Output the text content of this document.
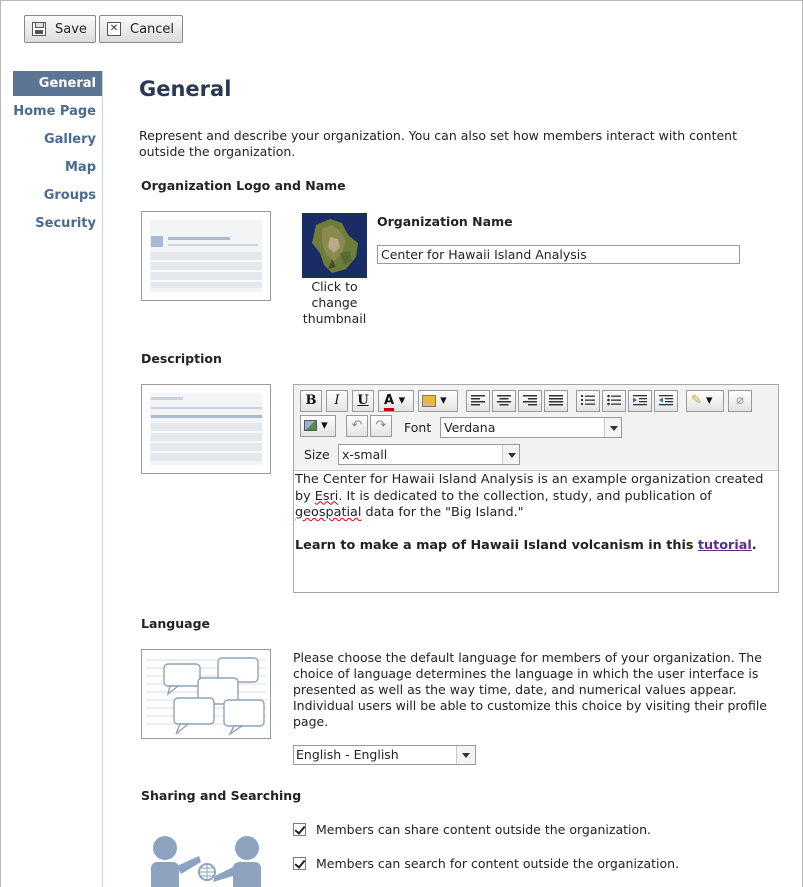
Save ✕ Cancel
General
Home Page
Gallery
Map
Groups
Security
General
Represent and describe your organization. You can also set how members interact with content outside the organization.
Organization Logo and Name
Click to change thumbnail
Organization Name
Center for Hawaii Island Analysis
Description
B	I	U	A ▾	▾	✎ ▾	⌀
▾	↶	↷	Font	Verdana
Size x-small

The Center for Hawaii Island Analysis is an example organization created by Esri. It is dedicated to the collection, study, and publication of geospatial data for the "Big Island."

Learn to make a map of Hawaii Island volcanism in this tutorial.

Language
Please choose the default language for members of your organization. The choice of language determines the language in which the user interface is presented as well as the way time, date, and numerical values appear. Individual users will be able to customize this choice by visiting their profile page.
English - English
Sharing and Searching
Members can share content outside the organization.
Members can search for content outside the organization.
